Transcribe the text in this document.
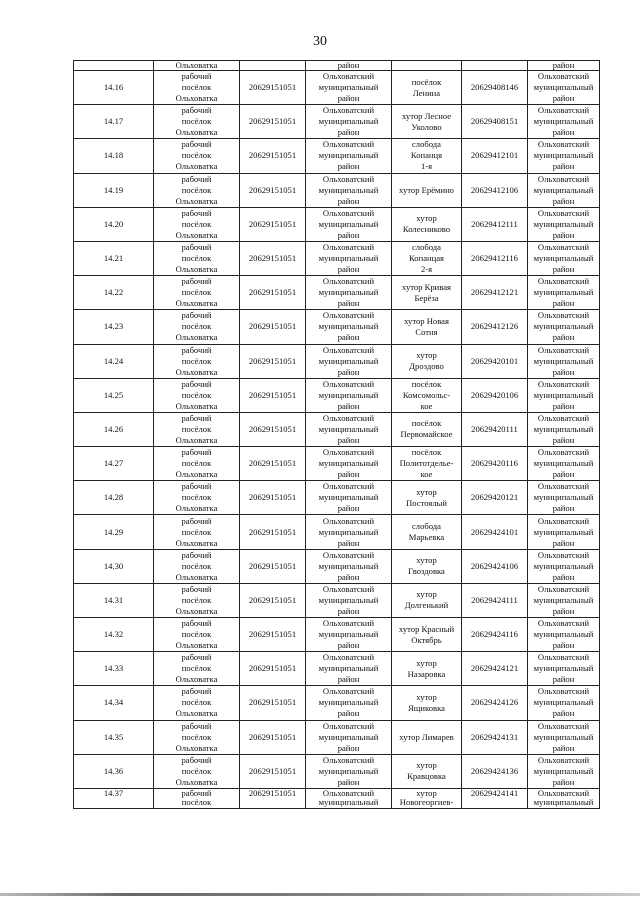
30
	Ольховатка		район			район
14.16	рабочий
посёлок
Ольховатка	20629151051	Ольховатский
муниципальный
район	посёлок
Ленина	20629408146	Ольховатский
муниципальный
район
14.17	рабочий
посёлок
Ольховатка	20629151051	Ольховатский
муниципальный
район	хутор Лесное
Уколово	20629408151	Ольховатский
муниципальный
район
14.18	рабочий
посёлок
Ольховатка	20629151051	Ольховатский
муниципальный
район	слобода
Копанця
1-я	20629412101	Ольховатский
муниципальный
район
14.19	рабочий
посёлок
Ольховатка	20629151051	Ольховатский
муниципальный
район	хутор Ерёмино	20629412106	Ольховатский
муниципальный
район
14.20	рабочий
посёлок
Ольховатка	20629151051	Ольховатский
муниципальный
район	хутор
Колесниково	20629412111	Ольховатский
муниципальный
район
14.21	рабочий
посёлок
Ольховатка	20629151051	Ольховатский
муниципальный
район	слобода
Копанцая
2-я	20629412116	Ольховатский
муниципальный
район
14.22	рабочий
посёлок
Ольховатка	20629151051	Ольховатский
муниципальный
район	хутор Кривая
Берёза	20629412121	Ольховатский
муниципальный
район
14.23	рабочий
посёлок
Ольховатка	20629151051	Ольховатский
муниципальный
район	хутор Новая
Сотня	20629412126	Ольховатский
муниципальный
район
14.24	рабочий
посёлок
Ольховатка	20629151051	Ольховатский
муниципальный
район	хутор
Дроздово	20629420101	Ольховатский
муниципальный
район
14.25	рабочий
посёлок
Ольховатка	20629151051	Ольховатский
муниципальный
район	посёлок
Комсомольс-
кое	20629420106	Ольховатский
муниципальный
район
14.26	рабочий
посёлок
Ольховатка	20629151051	Ольховатский
муниципальный
район	посёлок
Первомайское	20629420111	Ольховатский
муниципальный
район
14.27	рабочий
посёлок
Ольховатка	20629151051	Ольховатский
муниципальный
район	посёлок
Политотделье-
кое	20629420116	Ольховатский
муниципальный
район
14.28	рабочий
посёлок
Ольховатка	20629151051	Ольховатский
муниципальный
район	хутор
Постоялый	20629420121	Ольховатский
муниципальный
район
14.29	рабочий
посёлок
Ольховатка	20629151051	Ольховатский
муниципальный
район	слобода
Марьевка	20629424101	Ольховатский
муниципальный
район
14.30	рабочий
посёлок
Ольховатка	20629151051	Ольховатский
муниципальный
район	хутор
Гвоздовка	20629424106	Ольховатский
муниципальный
район
14.31	рабочий
посёлок
Ольховатка	20629151051	Ольховатский
муниципальный
район	хутор
Долгенький	20629424111	Ольховатский
муниципальный
район
14.32	рабочий
посёлок
Ольховатка	20629151051	Ольховатский
муниципальный
район	хутор Красный
Октябрь	20629424116	Ольховатский
муниципальный
район
14.33	рабочий
посёлок
Ольховатка	20629151051	Ольховатский
муниципальный
район	хутор
Назаровка	20629424121	Ольховатский
муниципальный
район
14.34	рабочий
посёлок
Ольховатка	20629151051	Ольховатский
муниципальный
район	хутор
Ящиковка	20629424126	Ольховатский
муниципальный
район
14.35	рабочий
посёлок
Ольховатка	20629151051	Ольховатский
муниципальный
район	хутор Лимарев	20629424131	Ольховатский
муниципальный
район
14.36	рабочий
посёлок
Ольховатка	20629151051	Ольховатский
муниципальный
район	хутор
Кравцовка	20629424136	Ольховатский
муниципальный
район
14.37	рабочий
посёлок	20629151051	Ольховатский
муниципальный	хутор
Новогеоргиев-	20629424141	Ольховатский
муниципальный
